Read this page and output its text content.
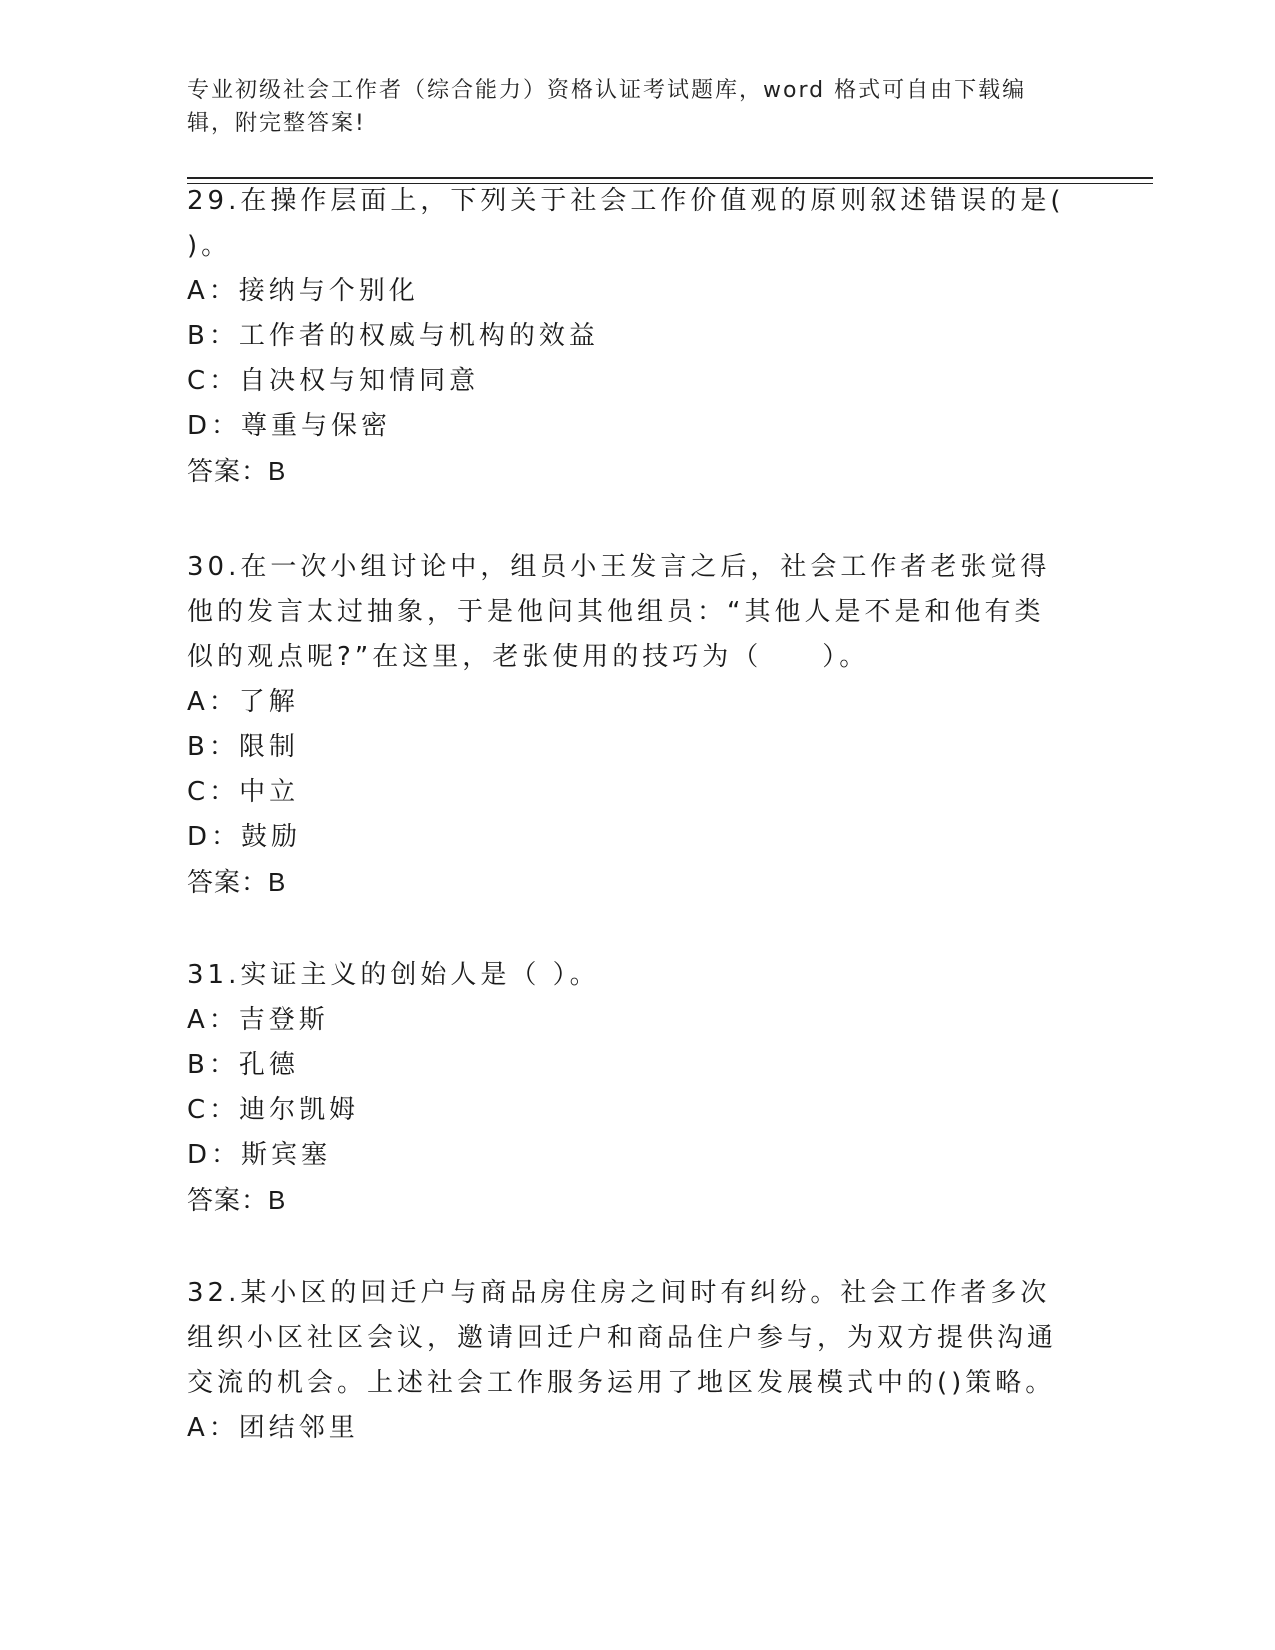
专业初级社会工作者（综合能力）资格认证考试题库，word 格式可自由下载编辑，附完整答案!
29.在操作层面上，下列关于社会工作价值观的原则叙述错误的是( )。
A：接纳与个别化
B：工作者的权威与机构的效益
C：自决权与知情同意
D：尊重与保密
答案：B
30.在一次小组讨论中，组员小王发言之后，社会工作者老张觉得他的发言太过抽象，于是他问其他组员：“其他人是不是和他有类似的观点呢?”在这里，老张使用的技巧为（　　）。
A：了解
B：限制
C：中立
D：鼓励
答案：B
31.实证主义的创始人是（ ）。
A：吉登斯
B：孔德
C：迪尔凯姆
D：斯宾塞
答案：B
32.某小区的回迁户与商品房住房之间时有纠纷。社会工作者多次组织小区社区会议，邀请回迁户和商品住户参与，为双方提供沟通交流的机会。上述社会工作服务运用了地区发展模式中的()策略。
A：团结邻里
